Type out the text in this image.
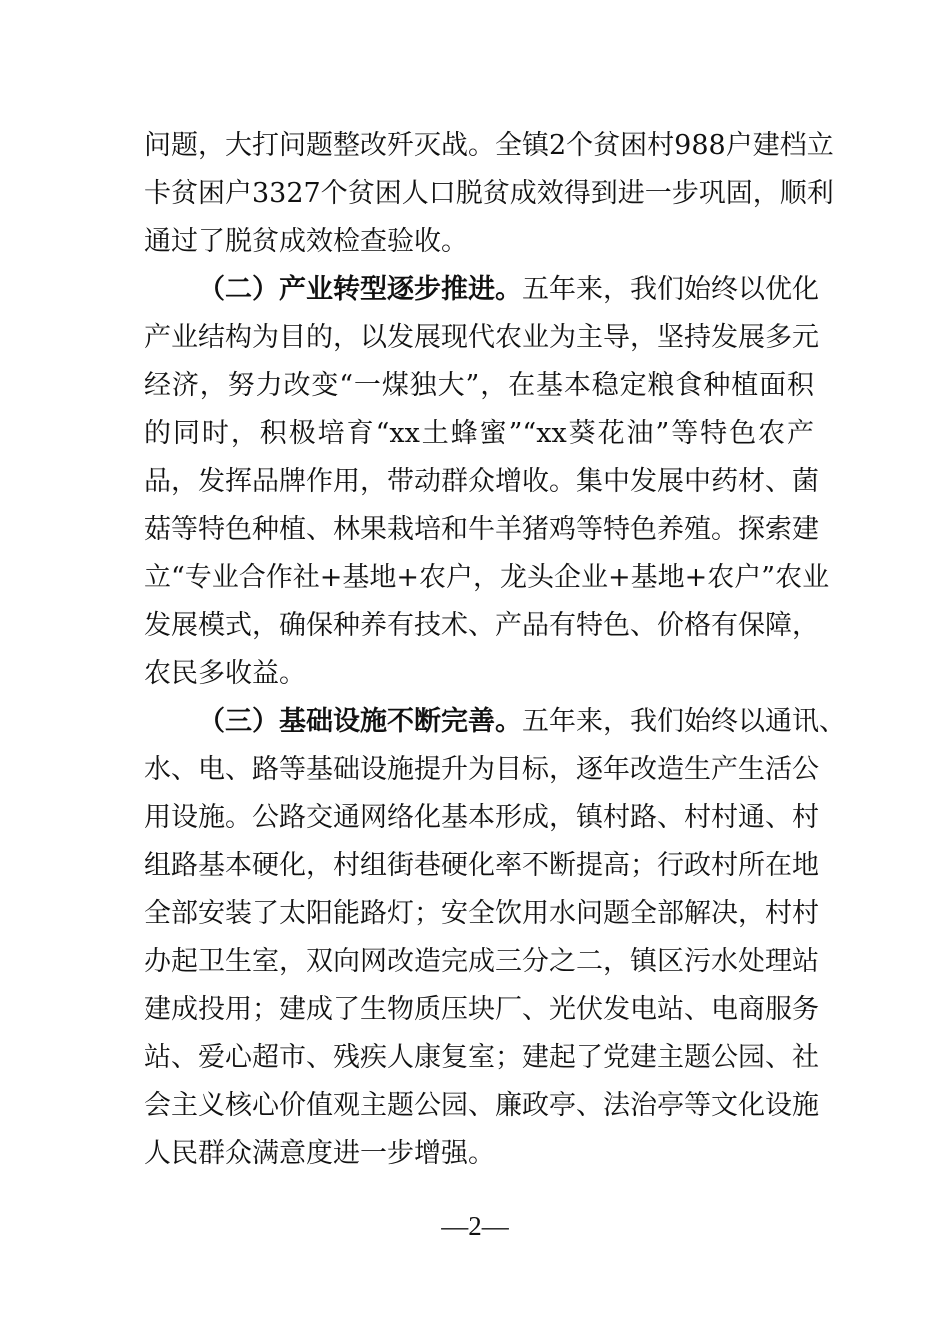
问题，大打问题整改歼灭战。全镇2个贫困村988户建档立
卡贫困户3327个贫困人口脱贫成效得到进一步巩固，顺利
通过了脱贫成效检查验收。
（二）产业转型逐步推进。五年来，我们始终以优化
产业结构为目的，以发展现代农业为主导，坚持发展多元
经济，努力改变“一煤独大”，在基本稳定粮食种植面积
的同时，积极培育“xx土蜂蜜”“xx葵花油”等特色农产
品，发挥品牌作用，带动群众增收。集中发展中药材、菌
菇等特色种植、林果栽培和牛羊猪鸡等特色养殖。探索建
立“专业合作社+基地+农户，龙头企业+基地+农户”农业
发展模式，确保种养有技术、产品有特色、价格有保障，
农民多收益。
（三）基础设施不断完善。五年来，我们始终以通讯、
水、电、路等基础设施提升为目标，逐年改造生产生活公
用设施。公路交通网络化基本形成，镇村路、村村通、村
组路基本硬化，村组街巷硬化率不断提高；行政村所在地
全部安装了太阳能路灯；安全饮用水问题全部解决，村村
办起卫生室，双向网改造完成三分之二，镇区污水处理站
建成投用；建成了生物质压块厂、光伏发电站、电商服务
站、爱心超市、残疾人康复室；建起了党建主题公园、社
会主义核心价值观主题公园、廉政亭、法治亭等文化设施
人民群众满意度进一步增强。
—2—
